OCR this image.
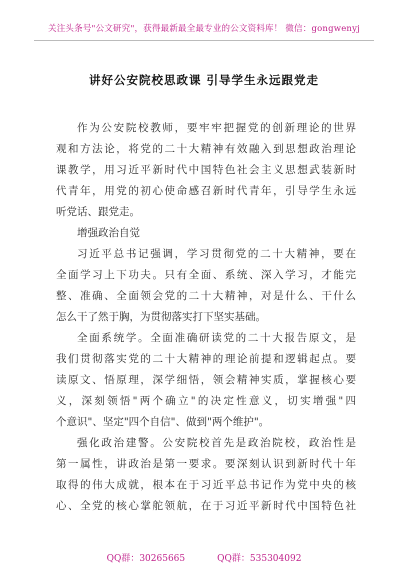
关注头条号"公文研究"，获得最新最全最专业的公文资料库！ 微信：gongwenyj
讲好公安院校思政课 引导学生永远跟党走
作为公安院校教师，要牢牢把握党的创新理论的世界
观和方法论，将党的二十大精神有效融入到思想政治理论
课教学，用习近平新时代中国特色社会主义思想武装新时
代青年，用党的初心使命感召新时代青年，引导学生永远
听党话、跟党走。
增强政治自觉
习近平总书记强调，学习贯彻党的二十大精神，要在
全面学习上下功夫。只有全面、系统、深入学习，才能完
整、准确、全面领会党的二十大精神，对是什么、干什么
怎么干了然于胸，为贯彻落实打下坚实基础。
全面系统学。全面准确研读党的二十大报告原文，是
我们贯彻落实党的二十大精神的理论前提和逻辑起点。要
读原文、悟原理，深学细悟，领会精神实质，掌握核心要
义，深刻领悟"两个确立"的决定性意义，切实增强"四
个意识"、坚定"四个自信"、做到"两个维护"。
强化政治建警。公安院校首先是政治院校，政治性是
第一属性，讲政治是第一要求。要深刻认识到新时代十年
取得的伟大成就，根本在于习近平总书记作为党中央的核
心、全党的核心掌舵领航，在于习近平新时代中国特色社
QQ群：30265665	QQ群：535304092
